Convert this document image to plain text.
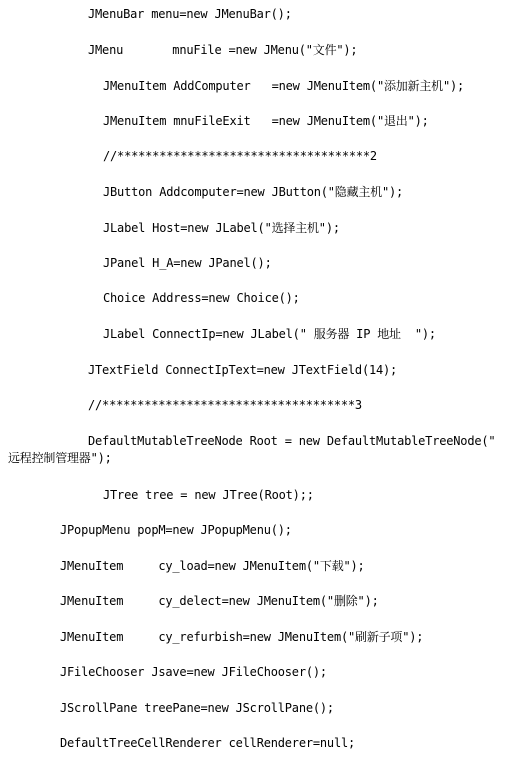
JMenuBar menu=new JMenuBar();
JMenu       mnuFile =new JMenu("文件");
JMenuItem AddComputer   =new JMenuItem("添加新主机");
JMenuItem mnuFileExit   =new JMenuItem("退出");
//************************************2
JButton Addcomputer=new JButton("隐藏主机");
JLabel Host=new JLabel("选择主机");
JPanel H_A=new JPanel();
Choice Address=new Choice();
JLabel ConnectIp=new JLabel(" 服务器 IP 地址  ");
JTextField ConnectIpText=new JTextField(14);
//************************************3
DefaultMutableTreeNode Root = new DefaultMutableTreeNode("
远程控制管理器");
JTree tree = new JTree(Root);;
JPopupMenu popM=new JPopupMenu();
JMenuItem     cy_load=new JMenuItem("下载");
JMenuItem     cy_delect=new JMenuItem("删除");
JMenuItem     cy_refurbish=new JMenuItem("刷新子项");
JFileChooser Jsave=new JFileChooser();
JScrollPane treePane=new JScrollPane();
DefaultTreeCellRenderer cellRenderer=null;
